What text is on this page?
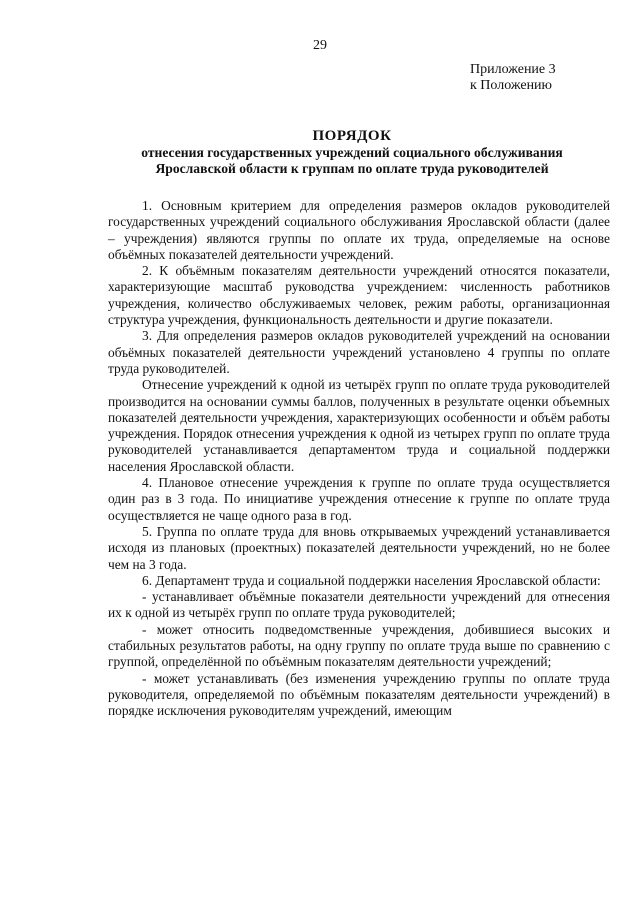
29
Приложение 3
к Положению
ПОРЯДОК
отнесения государственных учреждений социального обслуживания
Ярославской области к группам по оплате труда руководителей

1. Основным критерием для определения размеров окладов руководителей государственных учреждений социального обслуживания Ярославской области (далее – учреждения) являются группы по оплате их труда, определяемые на основе объёмных показателей деятельности учреждений.

2. К объёмным показателям деятельности учреждений относятся показатели, характеризующие масштаб руководства учреждением: численность работников учреждения, количество обслуживаемых человек, режим работы, организационная структура учреждения, функциональность деятельности и другие показатели.

3. Для определения размеров окладов руководителей учреждений на основании объёмных показателей деятельности учреждений установлено 4 группы по оплате труда руководителей.

Отнесение учреждений к одной из четырёх групп по оплате труда руководителей производится на основании суммы баллов, полученных в результате оценки объемных показателей деятельности учреждения, характеризующих особенности и объём работы учреждения. Порядок отнесения учреждения к одной из четырех групп по оплате труда руководителей устанавливается департаментом труда и социальной поддержки населения Ярославской области.

4. Плановое отнесение учреждения к группе по оплате труда осуществляется один раз в 3 года. По инициативе учреждения отнесение к группе по оплате труда осуществляется не чаще одного раза в год.

5. Группа по оплате труда для вновь открываемых учреждений устанавливается исходя из плановых (проектных) показателей деятельности учреждений, но не более чем на 3 года.

6. Департамент труда и социальной поддержки населения Ярославской области:

- устанавливает объёмные показатели деятельности учреждений для отнесения их к одной из четырёх групп по оплате труда руководителей;

- может относить подведомственные учреждения, добившиеся высоких и стабильных результатов работы, на одну группу по оплате труда выше по сравнению с группой, определённой по объёмным показателям деятельности учреждений;

- может устанавливать (без изменения учреждению группы по оплате труда руководителя, определяемой по объёмным показателям деятельности учреждений) в порядке исключения руководителям учреждений, имеющим
